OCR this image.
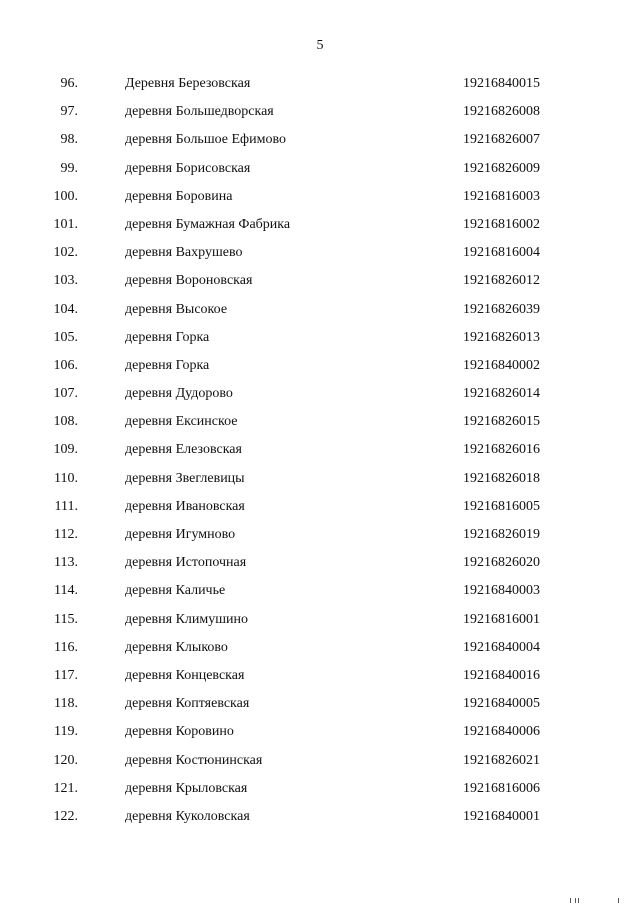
5
96.	Деревня Березовская	19216840015
97.	деревня Большедворская	19216826008
98.	деревня Большое Ефимово	19216826007
99.	деревня Борисовская	19216826009
100.	деревня Боровина	19216816003
101.	деревня Бумажная Фабрика	19216816002
102.	деревня Вахрушево	19216816004
103.	деревня Вороновская	19216826012
104.	деревня Высокое	19216826039
105.	деревня Горка	19216826013
106.	деревня Горка	19216840002
107.	деревня Дудорово	19216826014
108.	деревня Ексинское	19216826015
109.	деревня Елезовская	19216826016
110.	деревня Звеглевицы	19216826018
111.	деревня Ивановская	19216816005
112.	деревня Игумново	19216826019
113.	деревня Истопочная	19216826020
114.	деревня Каличье	19216840003
115.	деревня Климушино	19216816001
116.	деревня Клыково	19216840004
117.	деревня Концевская	19216840016
118.	деревня Коптяевская	19216840005
119.	деревня Коровино	19216840006
120.	деревня Костюнинская	19216826021
121.	деревня Крыловская	19216816006
122.	деревня Куколовская	19216840001
